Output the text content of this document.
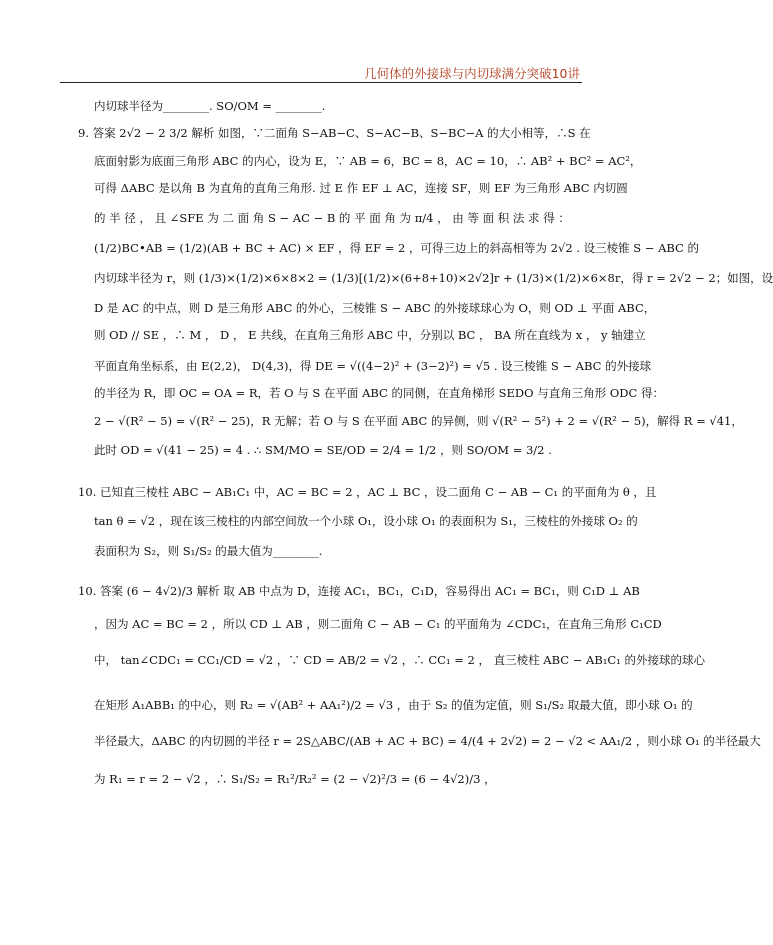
几何体的外接球与内切球满分突破10讲
内切球半径为________. SO/OM = ________.
9. 答案 2√2 − 2 3/2 解析 如图，∵二面角 S−AB−C、S−AC−B、S−BC−A 的大小相等，∴S 在
底面射影为底面三角形 ABC 的内心，设为 E，∵ AB = 6，BC = 8，AC = 10，∴ AB² + BC² = AC²，
可得 ΔABC 是以角 B 为直角的直角三角形. 过 E 作 EF ⊥ AC，连接 SF，则 EF 为三角形 ABC 内切圆
的 半 径 ， 且 ∠SFE 为 二 面 角 S − AC − B 的 平 面 角 为 π/4 ， 由 等 面 积 法 求 得 ：
(1/2)BC•AB = (1/2)(AB + BC + AC) × EF ，得 EF = 2 ，可得三边上的斜高相等为 2√2 . 设三棱锥 S − ABC 的
内切球半径为 r，则 (1/3)×(1/2)×6×8×2 = (1/3)[(1/2)×(6+8+10)×2√2]r + (1/3)×(1/2)×6×8r，得 r = 2√2 − 2；如图，设
D 是 AC 的中点，则 D 是三角形 ABC 的外心，三棱锥 S − ABC 的外接球球心为 O，则 OD ⊥ 平面 ABC，
则 OD // SE ，∴ M ， D ， E 共线，在直角三角形 ABC 中，分别以 BC ， BA 所在直线为 x ， y 轴建立
平面直角坐标系，由 E(2,2)， D(4,3)，得 DE = √((4−2)² + (3−2)²) = √5 . 设三棱锥 S − ABC 的外接球
的半径为 R，即 OC = OA = R，若 O 与 S 在平面 ABC 的同侧，在直角梯形 SEDO 与直角三角形 ODC 得：
2 − √(R² − 5) = √(R² − 25)，R 无解；若 O 与 S 在平面 ABC 的异侧，则 √(R² − 5²) + 2 = √(R² − 5)，解得 R = √41，
此时 OD = √(41 − 25) = 4 . ∴ SM/MO = SE/OD = 2/4 = 1/2 ，则 SO/OM = 3/2 .
10. 已知直三棱柱 ABC − AB₁C₁ 中，AC = BC = 2 ，AC ⊥ BC ，设二面角 C − AB − C₁ 的平面角为 θ ，且
tan θ = √2 ，现在该三棱柱的内部空间放一个小球 O₁，设小球 O₁ 的表面积为 S₁，三棱柱的外接球 O₂ 的
表面积为 S₂，则 S₁/S₂ 的最大值为________.
10. 答案 (6 − 4√2)/3 解析 取 AB 中点为 D，连接 AC₁，BC₁，C₁D，容易得出 AC₁ = BC₁，则 C₁D ⊥ AB
，因为 AC = BC = 2 ，所以 CD ⊥ AB ，则二面角 C − AB − C₁ 的平面角为 ∠CDC₁，在直角三角形 C₁CD
中， tan∠CDC₁ = CC₁/CD = √2 ，∵ CD = AB/2 = √2 ，∴ CC₁ = 2 ， 直三棱柱 ABC − AB₁C₁ 的外接球的球心
在矩形 A₁ABB₁ 的中心，则 R₂ = √(AB² + AA₁²)/2 = √3 ，由于 S₂ 的值为定值，则 S₁/S₂ 取最大值，即小球 O₁ 的
半径最大，ΔABC 的内切圆的半径 r = 2S△ABC/(AB + AC + BC) = 4/(4 + 2√2) = 2 − √2 < AA₁/2 ，则小球 O₁ 的半径最大
为 R₁ = r = 2 − √2 ，∴ S₁/S₂ = R₁²/R₂² = (2 − √2)²/3 = (6 − 4√2)/3 ，
